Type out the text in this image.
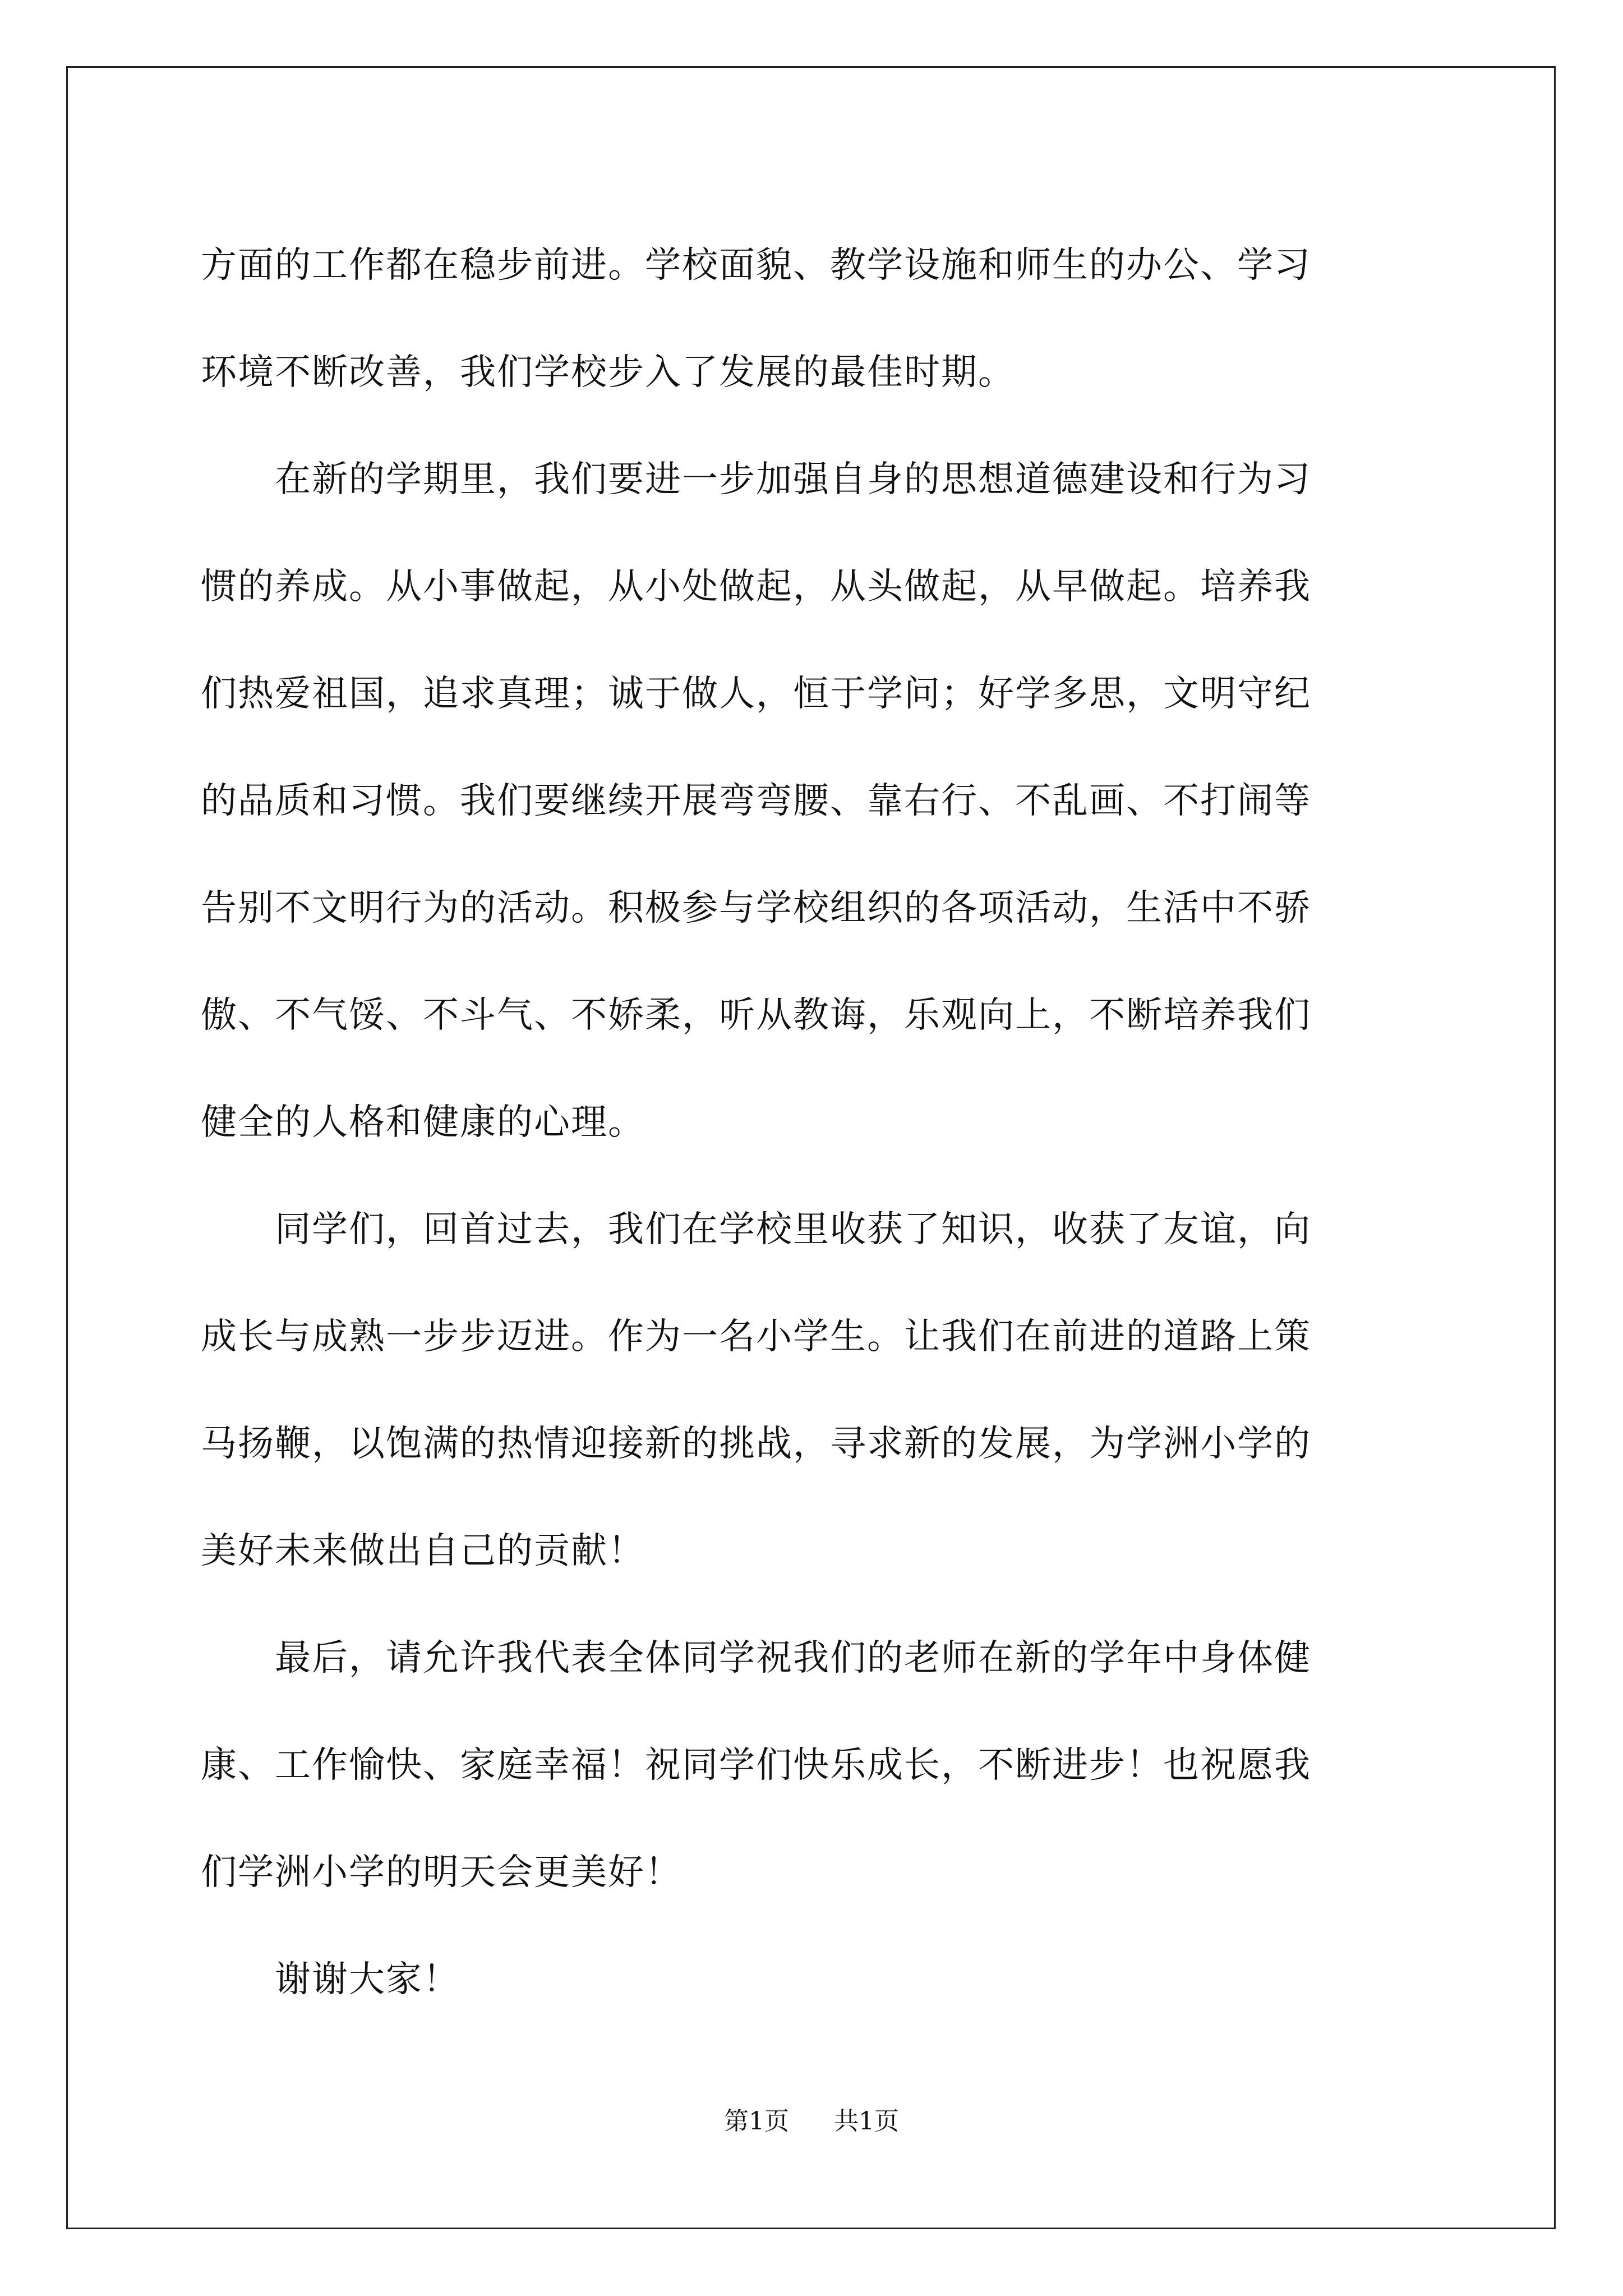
方面的工作都在稳步前进。学校面貌、教学设施和师生的办公、学习
环境不断改善，我们学校步入了发展的最佳时期。
　　在新的学期里，我们要进一步加强自身的思想道德建设和行为习
惯的养成。从小事做起，从小处做起，从头做起，从早做起。培养我
们热爱祖国，追求真理；诚于做人，恒于学问；好学多思，文明守纪
的品质和习惯。我们要继续开展弯弯腰、靠右行、不乱画、不打闹等
告别不文明行为的活动。积极参与学校组织的各项活动，生活中不骄
傲、不气馁、不斗气、不娇柔，听从教诲，乐观向上，不断培养我们
健全的人格和健康的心理。
　　同学们，回首过去，我们在学校里收获了知识，收获了友谊，向
成长与成熟一步步迈进。作为一名小学生。让我们在前进的道路上策
马扬鞭，以饱满的热情迎接新的挑战，寻求新的发展，为学洲小学的
美好未来做出自己的贡献！
　　最后，请允许我代表全体同学祝我们的老师在新的学年中身体健
康、工作愉快、家庭幸福！祝同学们快乐成长，不断进步！也祝愿我
们学洲小学的明天会更美好！
　　谢谢大家！
第1页 共1页
